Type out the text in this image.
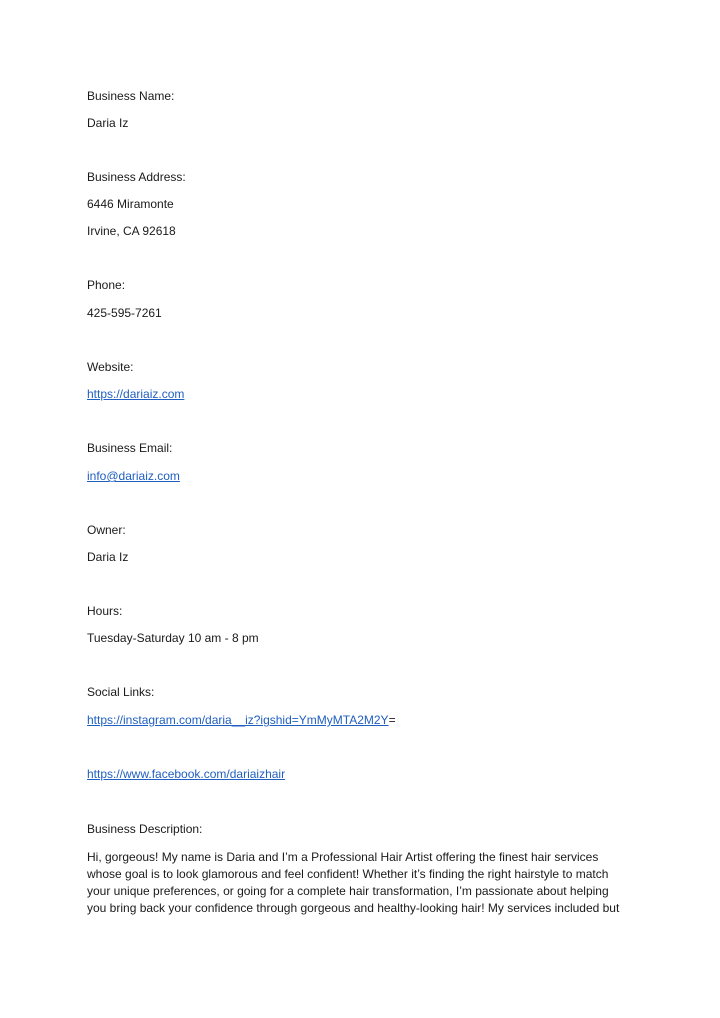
Business Name:
Daria Iz
Business Address:
6446 Miramonte
Irvine, CA 92618
Phone:
425-595-7261
Website:
https://dariaiz.com
Business Email:
info@dariaiz.com
Owner:
Daria Iz
Hours:
Tuesday-Saturday 10 am - 8 pm
Social Links:
https://instagram.com/daria__iz?igshid=YmMyMTA2M2Y=
https://www.facebook.com/dariaizhair
Business Description:
Hi, gorgeous! My name is Daria and I’m a Professional Hair Artist offering the finest hair services
whose goal is to look glamorous and feel confident! Whether it’s finding the right hairstyle to match
your unique preferences, or going for a complete hair transformation, I’m passionate about helping
you bring back your confidence through gorgeous and healthy-looking hair! My services included but
